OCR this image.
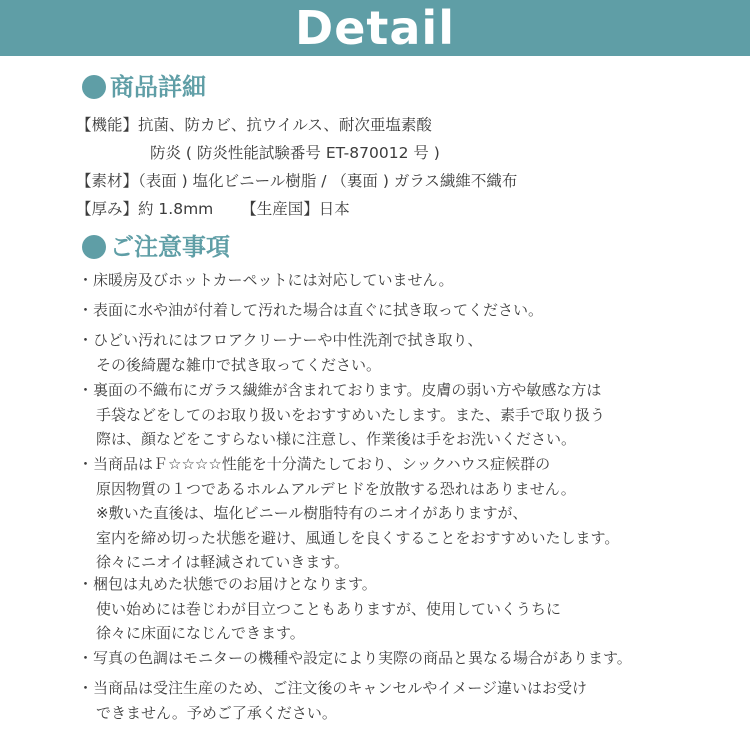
Detail
商品詳細
【機能】抗菌、防カビ、抗ウイルス、耐次亜塩素酸
防炎 ( 防炎性能試験番号 ET-870012 号 )
【素材】（表面 ) 塩化ビニール樹脂 / （裏面 ) ガラス繊維不織布
【厚み】約 1.8mm 【生産国】日本
ご注意事項
・床暖房及びホットカーペットには対応していません。
・表面に水や油が付着して汚れた場合は直ぐに拭き取ってください。
・ひどい汚れにはフロアクリーナーや中性洗剤で拭き取り、
その後綺麗な雑巾で拭き取ってください。
・裏面の不織布にガラス繊維が含まれております。皮膚の弱い方や敏感な方は
手袋などをしてのお取り扱いをおすすめいたします。また、素手で取り扱う
際は、顔などをこすらない様に注意し、作業後は手をお洗いください。
・当商品はＦ☆☆☆☆性能を十分満たしており、シックハウス症候群の
原因物質の１つであるホルムアルデヒドを放散する恐れはありません。
※敷いた直後は、塩化ビニール樹脂特有のニオイがありますが、
室内を締め切った状態を避け、風通しを良くすることをおすすめいたします。
徐々にニオイは軽減されていきます。
・梱包は丸めた状態でのお届けとなります。
使い始めには巻じわが目立つこともありますが、使用していくうちに
徐々に床面になじんできます。
・写真の色調はモニターの機種や設定により実際の商品と異なる場合があります。
・当商品は受注生産のため、ご注文後のキャンセルやイメージ違いはお受け
できません。予めご了承ください。
